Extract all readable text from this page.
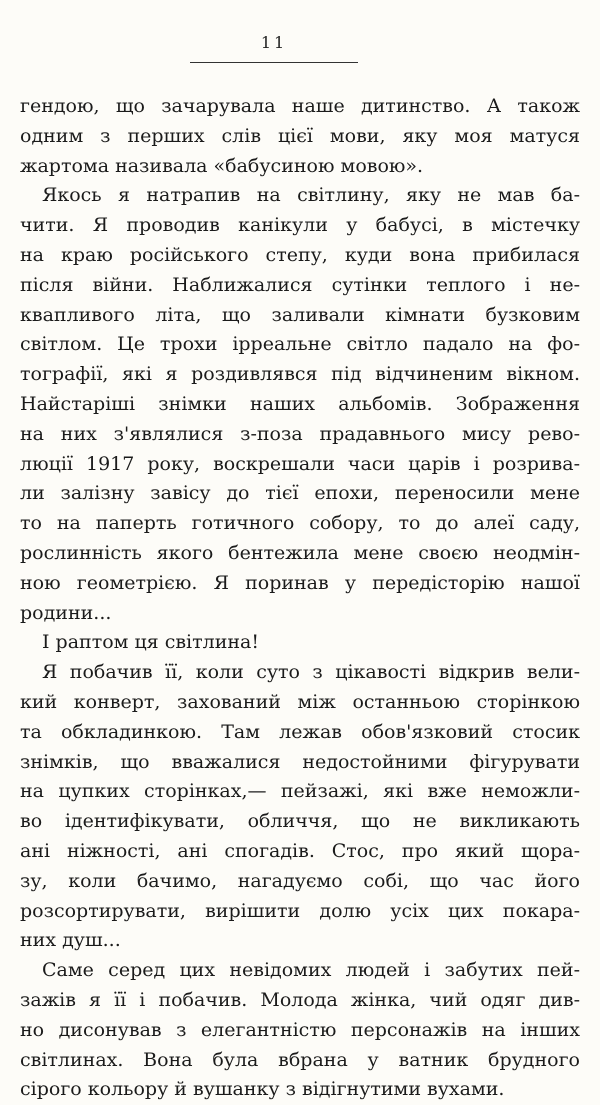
11
гендою, що зачарувала наше дитинство. А також
одним з перших слів цієї мови, яку моя матуся
жартома називала «бабусиною мовою».
Якось я натрапив на світлину, яку не мав ба-
чити. Я проводив канікули у бабусі, в містечку
на краю російського степу, куди вона прибилася
після війни. Наближалися сутінки теплого і не-
квапливого літа, що заливали кімнати бузковим
світлом. Це трохи ірреальне світло падало на фо-
тографії, які я роздивлявся під відчиненим вікном.
Найстаріші знімки наших альбомів. Зображення
на них з'являлися з-поза прадавнього мису рево-
люції 1917 року, воскрешали часи царів і розрива-
ли залізну завісу до тієї епохи, переносили мене
то на паперть готичного собору, то до алеї саду,
рослинність якого бентежила мене своєю неодмін-
ною геометрією. Я поринав у передісторію нашої
родини...
І раптом ця світлина!
Я побачив її, коли суто з цікавості відкрив вели-
кий конверт, захований між останньою сторінкою
та обкладинкою. Там лежав обов'язковий стосик
знімків, що вважалися недостойними фігурувати
на цупких сторінках,— пейзажі, які вже неможли-
во ідентифікувати, обличчя, що не викликають
ані ніжності, ані спогадів. Стос, про який щора-
зу, коли бачимо, нагадуємо собі, що час його
розсортирувати, вирішити долю усіх цих покара-
них душ...
Саме серед цих невідомих людей і забутих пей-
зажів я її і побачив. Молода жінка, чий одяг див-
но дисонував з елегантністю персонажів на інших
світлинах. Вона була вбрана у ватник брудного
сірого кольору й вушанку з відігнутими вухами.
